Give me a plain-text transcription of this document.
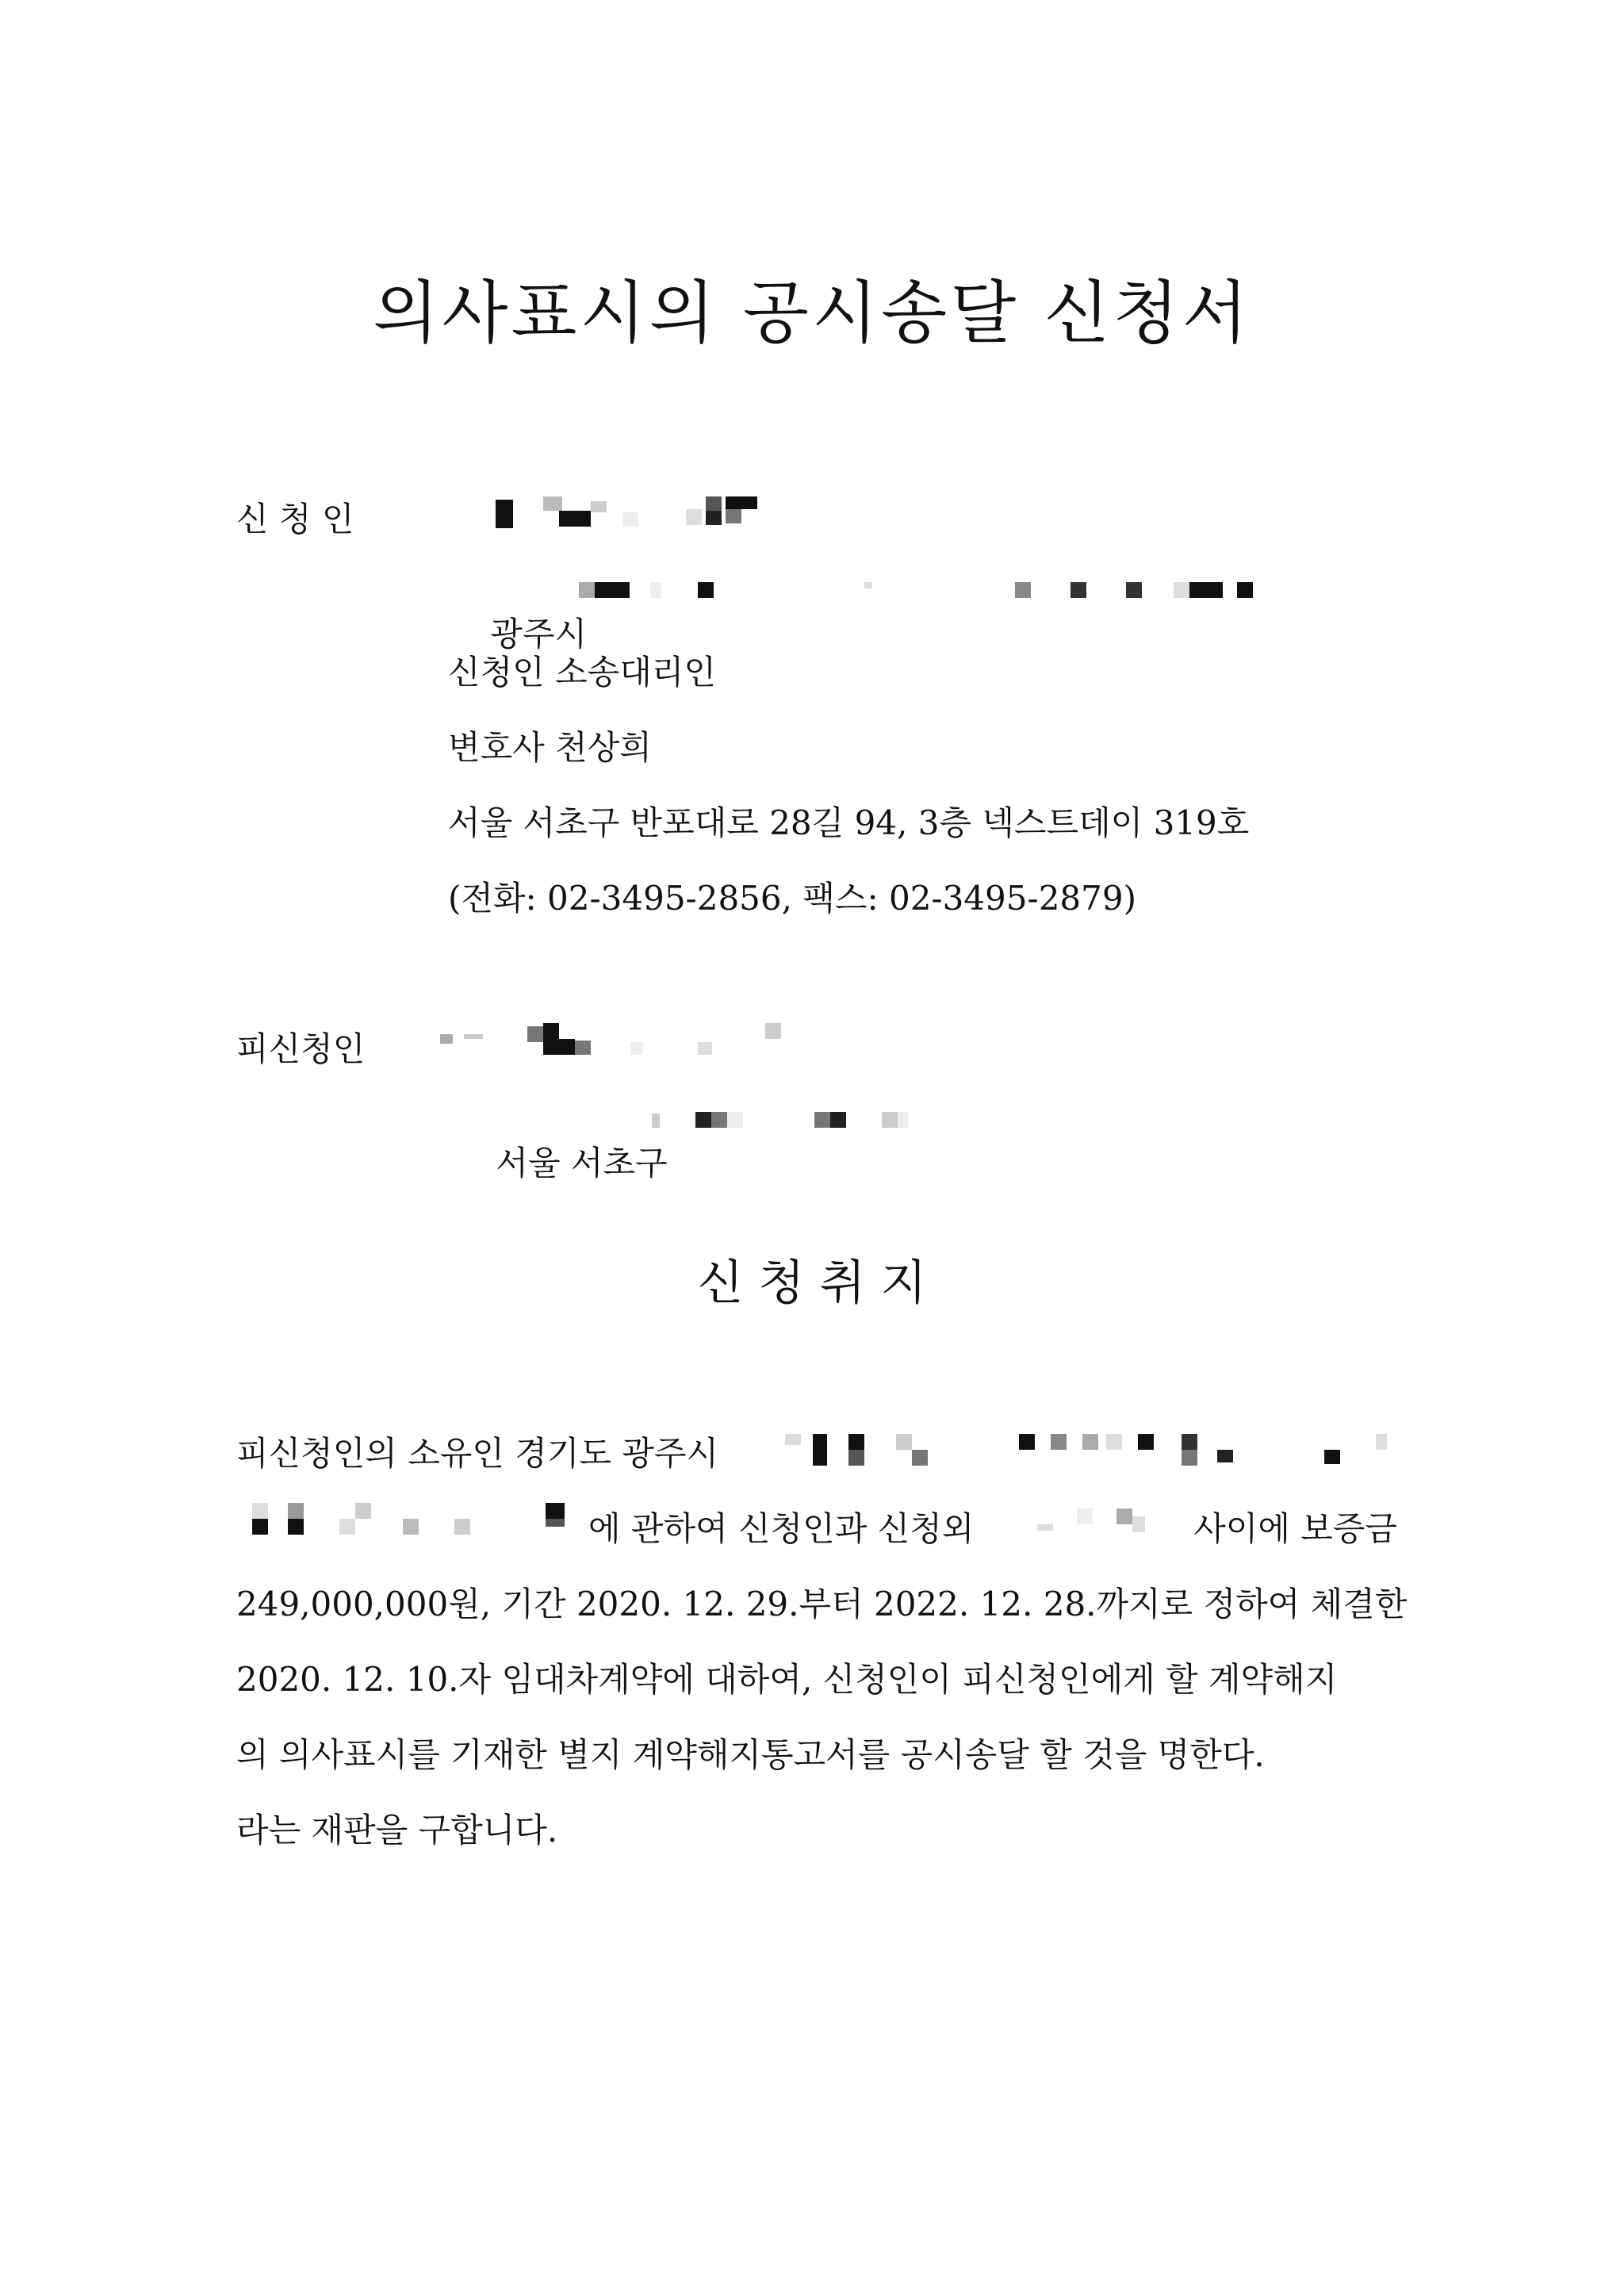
의사표시의 공시송달 신청서
신 청 인

광주시

신청인 소송대리인
변호사 천상희
서울 서초구 반포대로 28길 94, 3층 넥스트데이 319호
(전화: 02-3495-2856, 팩스: 02-3495-2879)
피신청인

서울 서초구

신 청 취 지
피신청인의 소유인 경기도 광주시
에 관하여 신청인과 신청외	사이에 보증금
249,000,000원, 기간 2020. 12. 29.부터 2022. 12. 28.까지로 정하여 체결한
2020. 12. 10.자 임대차계약에 대하여, 신청인이 피신청인에게 할 계약해지
의 의사표시를 기재한 별지 계약해지통고서를 공시송달 할 것을 명한다.
라는 재판을 구합니다.
